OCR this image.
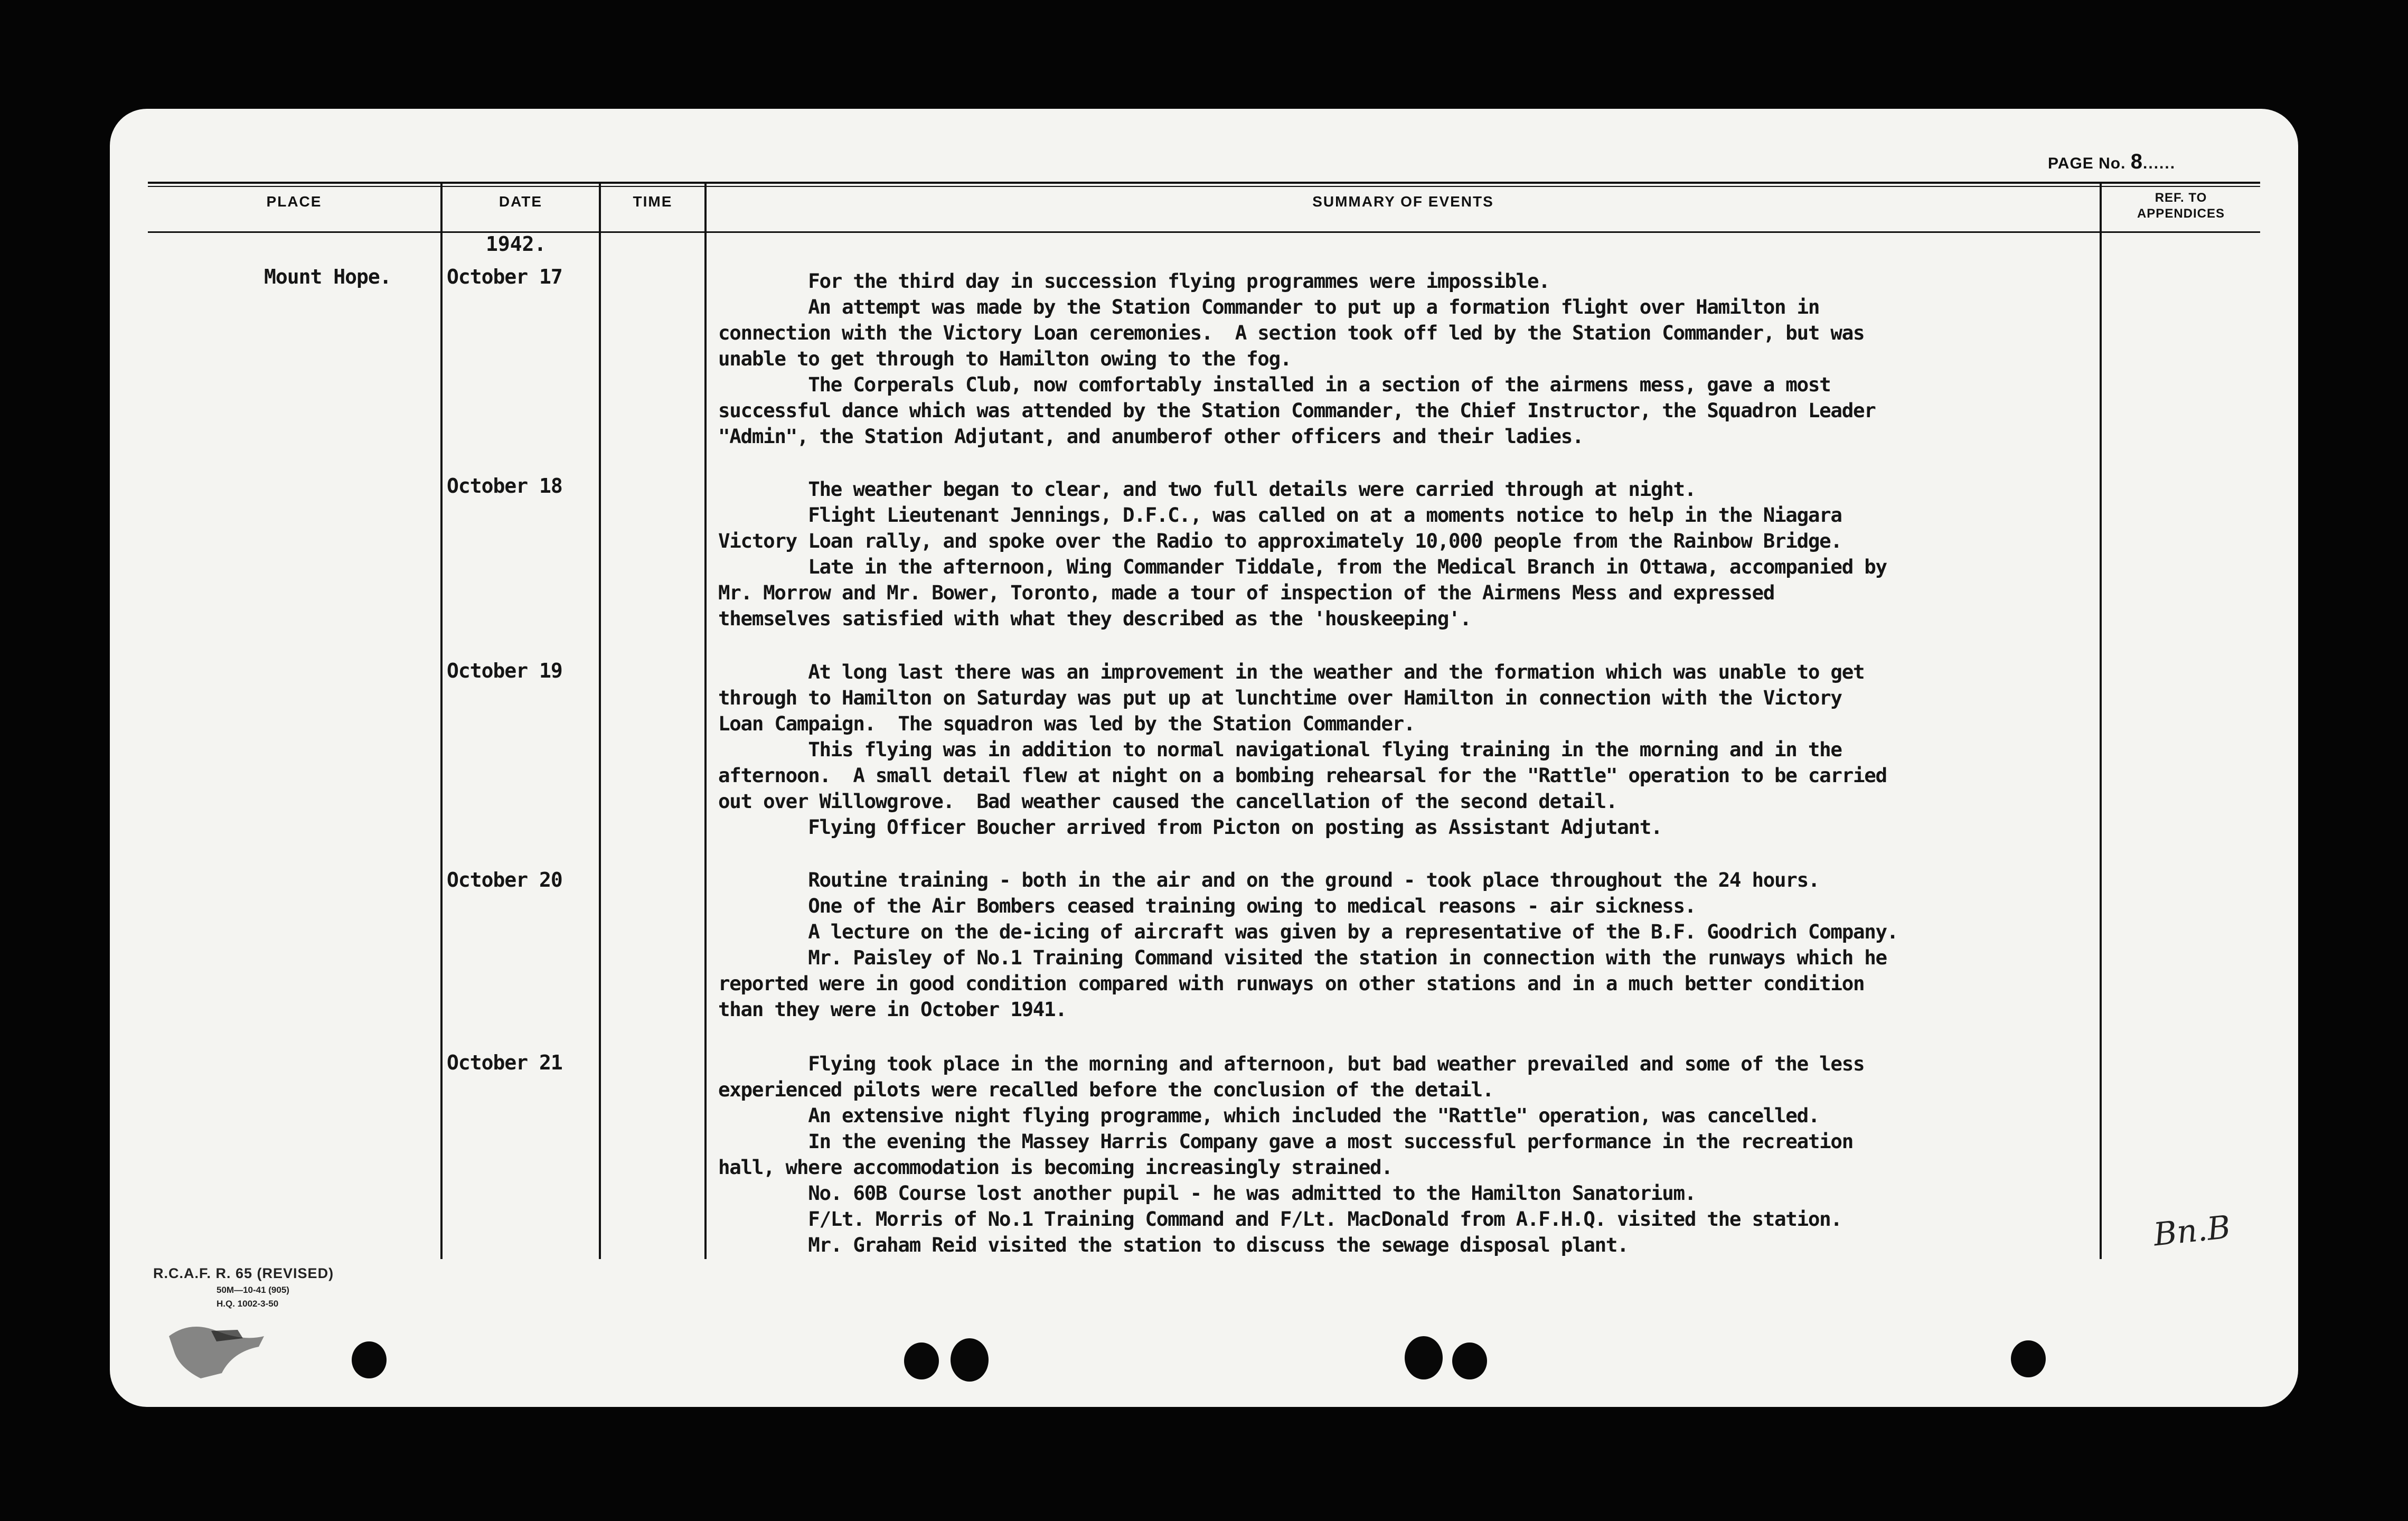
PAGE No. 8......
PLACE	DATE	TIME	SUMMARY OF EVENTS	REF. TO
APPENDICES
1942.
Mount Hope.	October 17	For the third day in succession flying programmes were impossible.
An attempt was made by the Station Commander to put up a formation flight over Hamilton in
connection with the Victory Loan ceremonies.  A section took off led by the Station Commander, but was
unable to get through to Hamilton owing to the fog.
The Corperals Club, now comfortably installed in a section of the airmens mess, gave a most
successful dance which was attended by the Station Commander, the Chief Instructor, the Squadron Leader
"Admin", the Station Adjutant, and anumberof other officers and their ladies.
October 18	The weather began to clear, and two full details were carried through at night.
Flight Lieutenant Jennings, D.F.C., was called on at a moments notice to help in the Niagara
Victory Loan rally, and spoke over the Radio to approximately 10,000 people from the Rainbow Bridge.
Late in the afternoon, Wing Commander Tiddale, from the Medical Branch in Ottawa, accompanied by
Mr. Morrow and Mr. Bower, Toronto, made a tour of inspection of the Airmens Mess and expressed
themselves satisfied with what they described as the 'houskeeping'.
October 19	At long last there was an improvement in the weather and the formation which was unable to get
through to Hamilton on Saturday was put up at lunchtime over Hamilton in connection with the Victory
Loan Campaign.  The squadron was led by the Station Commander.
This flying was in addition to normal navigational flying training in the morning and in the
afternoon.  A small detail flew at night on a bombing rehearsal for the "Rattle" operation to be carried
out over Willowgrove.  Bad weather caused the cancellation of the second detail.
Flying Officer Boucher arrived from Picton on posting as Assistant Adjutant.
October 20	Routine training - both in the air and on the ground - took place throughout the 24 hours.
One of the Air Bombers ceased training owing to medical reasons - air sickness.
A lecture on the de-icing of aircraft was given by a representative of the B.F. Goodrich Company.
Mr. Paisley of No.1 Training Command visited the station in connection with the runways which he
reported were in good condition compared with runways on other stations and in a much better condition
than they were in October 1941.
October 21	Flying took place in the morning and afternoon, but bad weather prevailed and some of the less
experienced pilots were recalled before the conclusion of the detail.
An extensive night flying programme, which included the "Rattle" operation, was cancelled.
In the evening the Massey Harris Company gave a most successful performance in the recreation
hall, where accommodation is becoming increasingly strained.
No. 60B Course lost another pupil - he was admitted to the Hamilton Sanatorium.
F/Lt. Morris of No.1 Training Command and F/Lt. MacDonald from A.F.H.Q. visited the station.
Mr. Graham Reid visited the station to discuss the sewage disposal plant.	Bn.B
R.C.A.F. R. 65 (REVISED)
50M—10-41 (905)
H.Q. 1002-3-50
